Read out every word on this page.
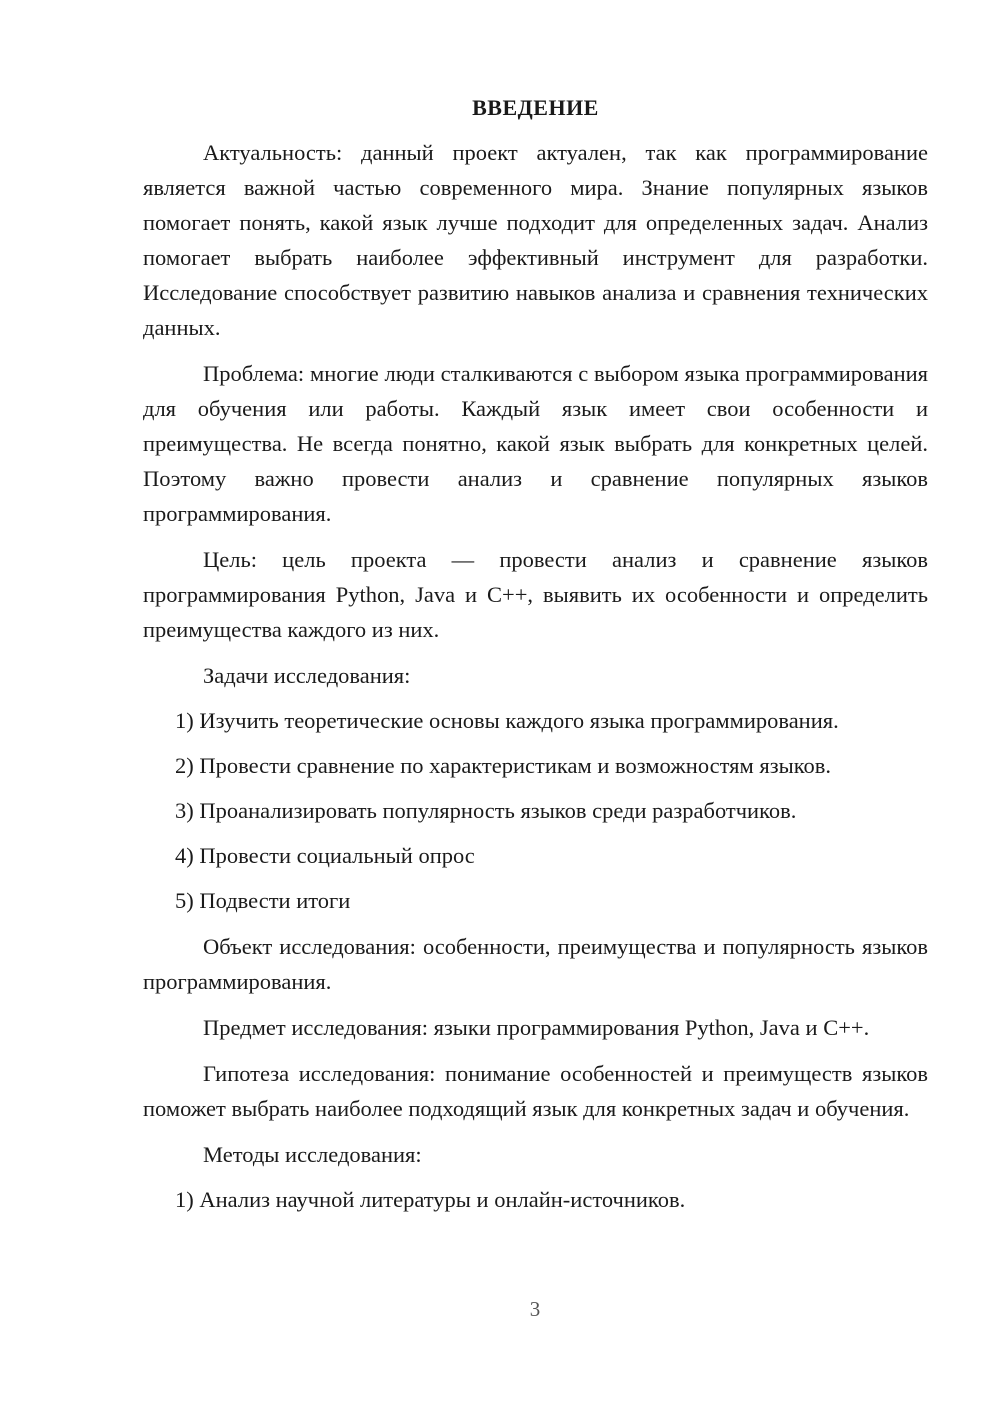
ВВЕДЕНИЕ

Актуальность: данный проект актуален, так как программирование является важной частью современного мира. Знание популярных языков помогает понять, какой язык лучше подходит для определенных задач. Анализ помогает выбрать наиболее эффективный инструмент для разработки. Исследование способствует развитию навыков анализа и сравнения технических данных.

Проблема: многие люди сталкиваются с выбором языка программирования для обучения или работы. Каждый язык имеет свои особенности и преимущества. Не всегда понятно, какой язык выбрать для конкретных целей. Поэтому важно провести анализ и сравнение популярных языков программирования.

Цель: цель проекта — провести анализ и сравнение языков программирования Python, Java и C++, выявить их особенности и определить преимущества каждого из них.

Задачи исследования:

1) Изучить теоретические основы каждого языка программирования.

2) Провести сравнение по характеристикам и возможностям языков.

3) Проанализировать популярность языков среди разработчиков.

4) Провести социальный опрос

5) Подвести итоги

Объект исследования: особенности, преимущества и популярность языков программирования.

Предмет исследования: языки программирования Python, Java и C++.

Гипотеза исследования: понимание особенностей и преимуществ языков поможет выбрать наиболее подходящий язык для конкретных задач и обучения.

Методы исследования:

1) Анализ научной литературы и онлайн-источников.

3
